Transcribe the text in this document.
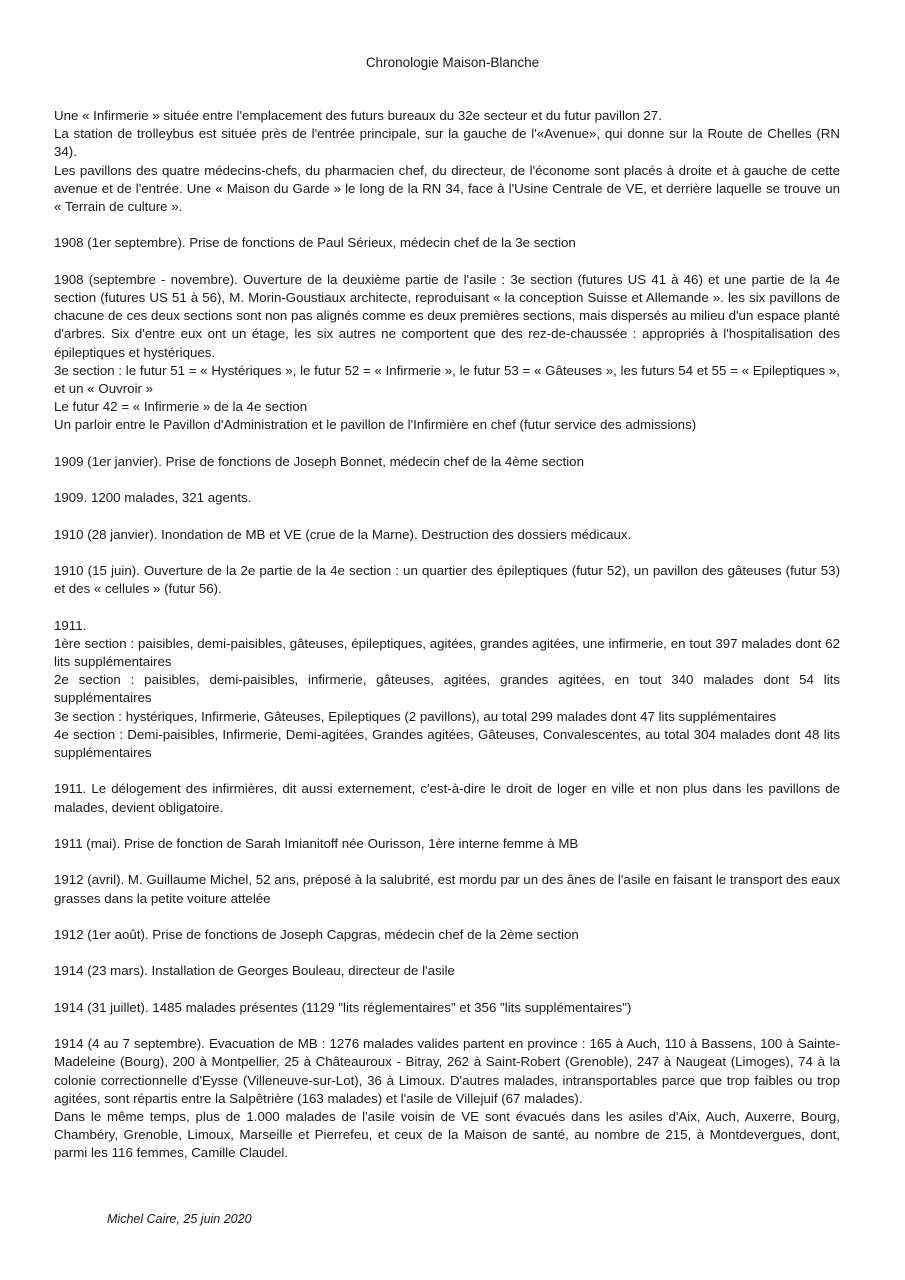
Chronologie Maison-Blanche
Une « Infirmerie » située entre l'emplacement des futurs bureaux du 32e secteur et du futur pavillon 27.
La station de trolleybus est située près de l'entrée principale, sur la gauche de l'«Avenue», qui donne sur la Route de Chelles (RN 34).
Les pavillons des quatre médecins-chefs, du pharmacien chef, du directeur, de l'économe sont placés à droite et à gauche de cette avenue et de l'entrée. Une « Maison du Garde » le long de la RN 34, face à l'Usine Centrale de VE, et derrière laquelle se trouve un « Terrain de culture ».
1908 (1er septembre). Prise de fonctions de Paul Sérieux, médecin chef de la 3e section
1908 (septembre - novembre). Ouverture de la deuxième partie de l'asile : 3e section (futures US 41 à 46) et une partie de la 4e section (futures US 51 à 56), M. Morin-Goustiaux architecte, reproduisant « la conception Suisse et Allemande ». les six pavillons de chacune de ces deux sections sont non pas alignés comme es deux premières sections, mais dispersés au milieu d'un espace planté d'arbres. Six d'entre eux ont un étage, les six autres ne comportent que des rez-de-chaussée : appropriés à l'hospitalisation des épileptiques et hystériques.
3e section : le futur 51 = « Hystériques », le futur 52 = « Infirmerie », le futur 53 = « Gâteuses », les futurs 54 et 55 = « Epileptiques », et un « Ouvroir »
Le futur 42 = « Infirmerie » de la 4e section
Un parloir entre le Pavillon d'Administration et le pavillon de l'Infirmière en chef (futur service des admissions)
1909 (1er janvier). Prise de fonctions de Joseph Bonnet, médecin chef de la 4ème section
1909. 1200 malades, 321 agents.
1910 (28 janvier). Inondation de MB et VE (crue de la Marne). Destruction des dossiers médicaux.
1910 (15 juin). Ouverture de la 2e partie de la 4e section : un quartier des épileptiques (futur 52), un pavillon des gâteuses (futur 53) et des « cellules » (futur 56).
1911.
1ère section : paisibles, demi-paisibles, gâteuses, épileptiques, agitées, grandes agitées, une infirmerie, en tout 397 malades dont 62 lits supplémentaires
2e section : paisibles, demi-paisibles, infirmerie, gâteuses, agitées, grandes agitées, en tout 340 malades dont 54 lits supplémentaires
3e section : hystériques, Infirmerie, Gâteuses, Epileptiques (2 pavillons), au total 299 malades dont 47 lits supplémentaires
4e section : Demi-paisibles, Infirmerie, Demi-agitées, Grandes agitées, Gâteuses, Convalescentes, au total 304 malades dont 48 lits supplémentaires
1911. Le délogement des infirmières, dit aussi externement, c'est-à-dire le droit de loger en ville et non plus dans les pavillons de malades, devient obligatoire.
1911 (mai). Prise de fonction de Sarah Imianitoff née Ourisson, 1ère interne femme à MB
1912 (avril). M. Guillaume Michel, 52 ans, préposé à la salubrité, est mordu par un des ânes de l'asile en faisant le transport des eaux grasses dans la petite voiture attelée
1912 (1er août). Prise de fonctions de Joseph Capgras, médecin chef de la 2ème section
1914 (23 mars). Installation de Georges Bouleau, directeur de l'asile
1914 (31 juillet). 1485 malades présentes (1129 "lits réglementaires" et 356 "lits supplémentaires")
1914 (4 au 7 septembre). Evacuation de MB : 1276 malades valides partent en province : 165 à Auch, 110 à Bassens, 100 à Sainte-Madeleine (Bourg), 200 à Montpellier, 25 à Châteauroux - Bitray, 262 à Saint-Robert (Grenoble), 247 à Naugeat (Limoges), 74 à la colonie correctionnelle d'Eysse (Villeneuve-sur-Lot), 36 à Limoux. D'autres malades, intransportables parce que trop faibles ou trop agitées, sont répartis entre la Salpêtrière (163 malades) et l'asile de Villejuif (67 malades).
Dans le même temps, plus de 1.000 malades de l'asile voisin de VE sont évacués dans les asiles d'Aix, Auch, Auxerre, Bourg, Chambéry, Grenoble, Limoux, Marseille et Pierrefeu, et ceux de la Maison de santé, au nombre de 215, à Montdevergues, dont, parmi les 116 femmes, Camille Claudel.
Michel Caire, 25 juin 2020
